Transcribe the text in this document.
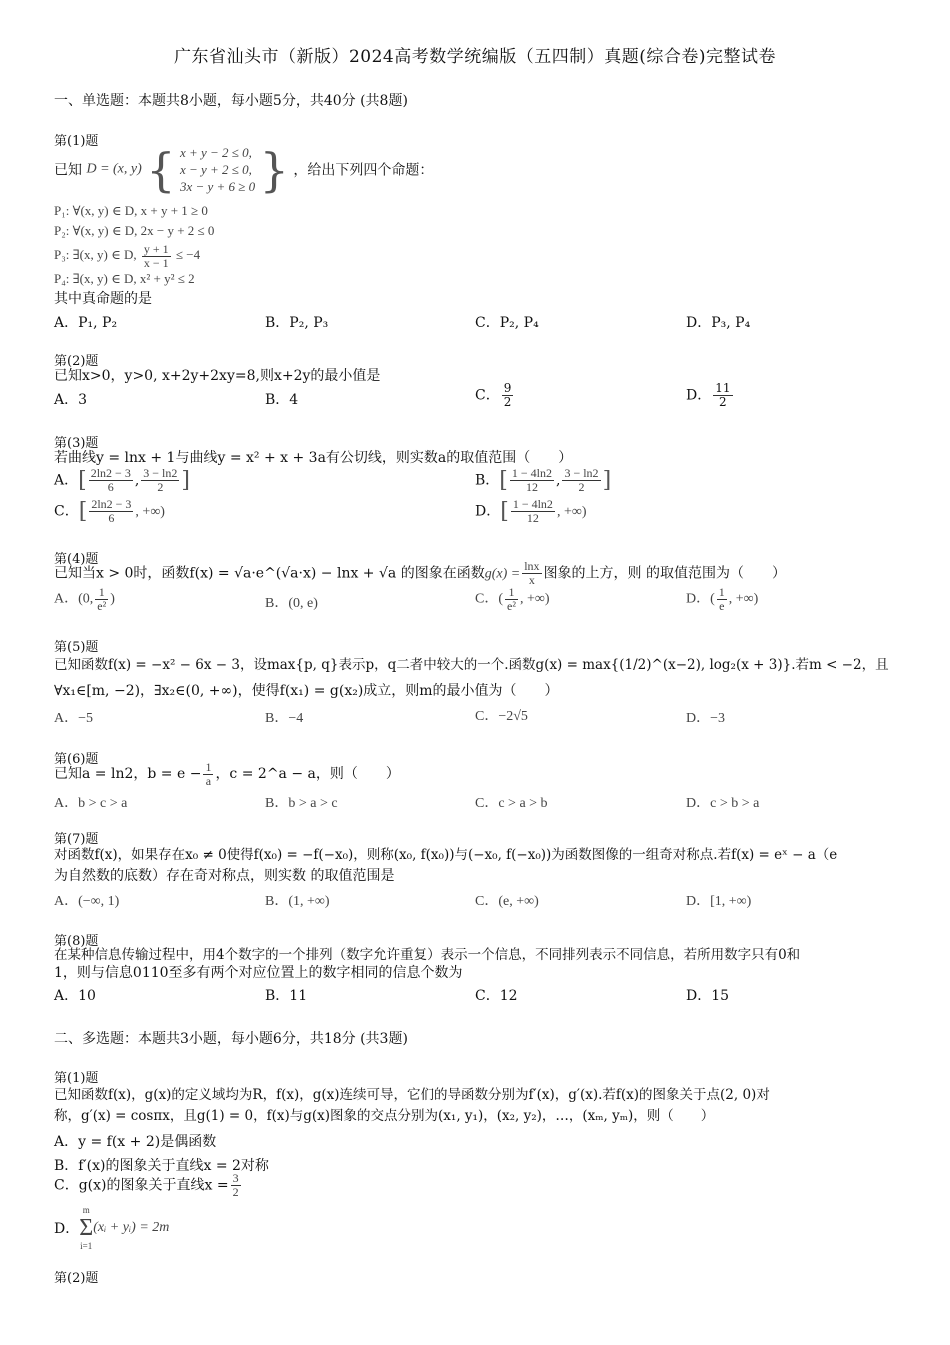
广东省汕头市（新版）2024高考数学统编版（五四制）真题(综合卷)完整试卷
一、单选题：本题共8小题，每小题5分，共40分 (共8题)
第(1)题
已知 D = (x, y) { x + y − 2 ≤ 0,
x − y + 2 ≤ 0,
3x − y + 6 ≥ 0 } ，给出下列四个命题：
P₁: ∀(x, y) ∈ D, x + y + 1 ≥ 0
P₂: ∀(x, y) ∈ D, 2x − y + 2 ≤ 0
P₃: ∃(x, y) ∈ D, $\frac{y + 1}{x - 1} \le -4$
P₄: ∃(x, y) ∈ D, x² + y² ≤ 2
其中真命题的是
A．P₁, P₂	B．P₂, P₃	C．P₂, P₄	D．P₃, P₄
第(2)题
已知x>0，y>0, x+2y+2xy=8,则x+2y的最小值是
A．3	B．4	C． $\frac{9}{2}$	D． $\frac{11}{2}$
第(3)题
若曲线y = lnx + 1与曲线y = x² + x + 3a有公切线，则实数a的取值范围（　　）
A．[ $\frac{2\ln 2 - 3}{6}$ , $\frac{3 - \ln 2}{2}$ ]	B．[ $\frac{1 - 4\ln 2}{12}$ , $\frac{3 - \ln 2}{2}$ ]
C．[ $\frac{2\ln 2 - 3}{6}$ , +∞)	D．[ $\frac{1 - 4\ln 2}{12}$ , +∞)
第(4)题
已知当x > 0时，函数f(x) = √a·e^(√a·x) − lnx + √a 的图象在函数$g(x) = \frac{\ln x}{x}$ 图象的上方，则 的取值范围为（　　）
A．(0, $\frac{1}{\text{e²}}$ )	B．(0, e)	C．( $\frac{1}{\text{e²}}$ , +∞)	D．( $\frac{1}{e}$ , +∞)
第(5)题
已知函数f(x) = −x² − 6x − 3，设max{p, q}表示p，q二者中较大的一个.函数g(x) = max{(1/2)^(x−2), log₂(x + 3)}.若m < −2，且
∀x₁∈[m, −2)，∃x₂∈(0, +∞)，使得f(x₁) = g(x₂)成立，则m的最小值为（　　）
A．−5	B．−4	C．−2√5	D．−3
第(6)题
已知a = ln2，$b = e - \frac{1}{a}$ ，c = 2^a − a，则（　　）
A．b > c > a	B．b > a > c	C．c > a > b	D．c > b > a
第(7)题
对函数f(x)，如果存在x₀ ≠ 0使得f(x₀) = −f(−x₀)，则称(x₀, f(x₀))与(−x₀, f(−x₀))为函数图像的一组奇对称点.若f(x) = eˣ − a（e
为自然数的底数）存在奇对称点，则实数 的取值范围是
A．(−∞, 1)	B．(1, +∞)	C．(e, +∞)	D．[1, +∞)
第(8)题
在某种信息传输过程中，用4个数字的一个排列（数字允许重复）表示一个信息，不同排列表示不同信息，若所用数字只有0和
1，则与信息0110至多有两个对应位置上的数字相同的信息个数为
A．10	B．11	C．12	D．15
二、多选题：本题共3小题，每小题6分，共18分 (共3题)
第(1)题
已知函数f(x)，g(x)的定义域均为R，f(x)，g(x)连续可导，它们的导函数分别为f′(x)，g′(x).若f(x)的图象关于点(2, 0)对
称，g′(x) = cosπx，且g(1) = 0，f(x)与g(x)图象的交点分别为(x₁, y₁)，(x₂, y₂)，…，(xₘ, yₘ)，则（　　）
A．y = f(x + 2)是偶函数
B．f′(x)的图象关于直线x = 2对称
C．g(x)的图象关于直线$x = \frac{3}{2}$
D．
m
Σ
i=1
(xᵢ + yᵢ) = 2m
第(2)题
